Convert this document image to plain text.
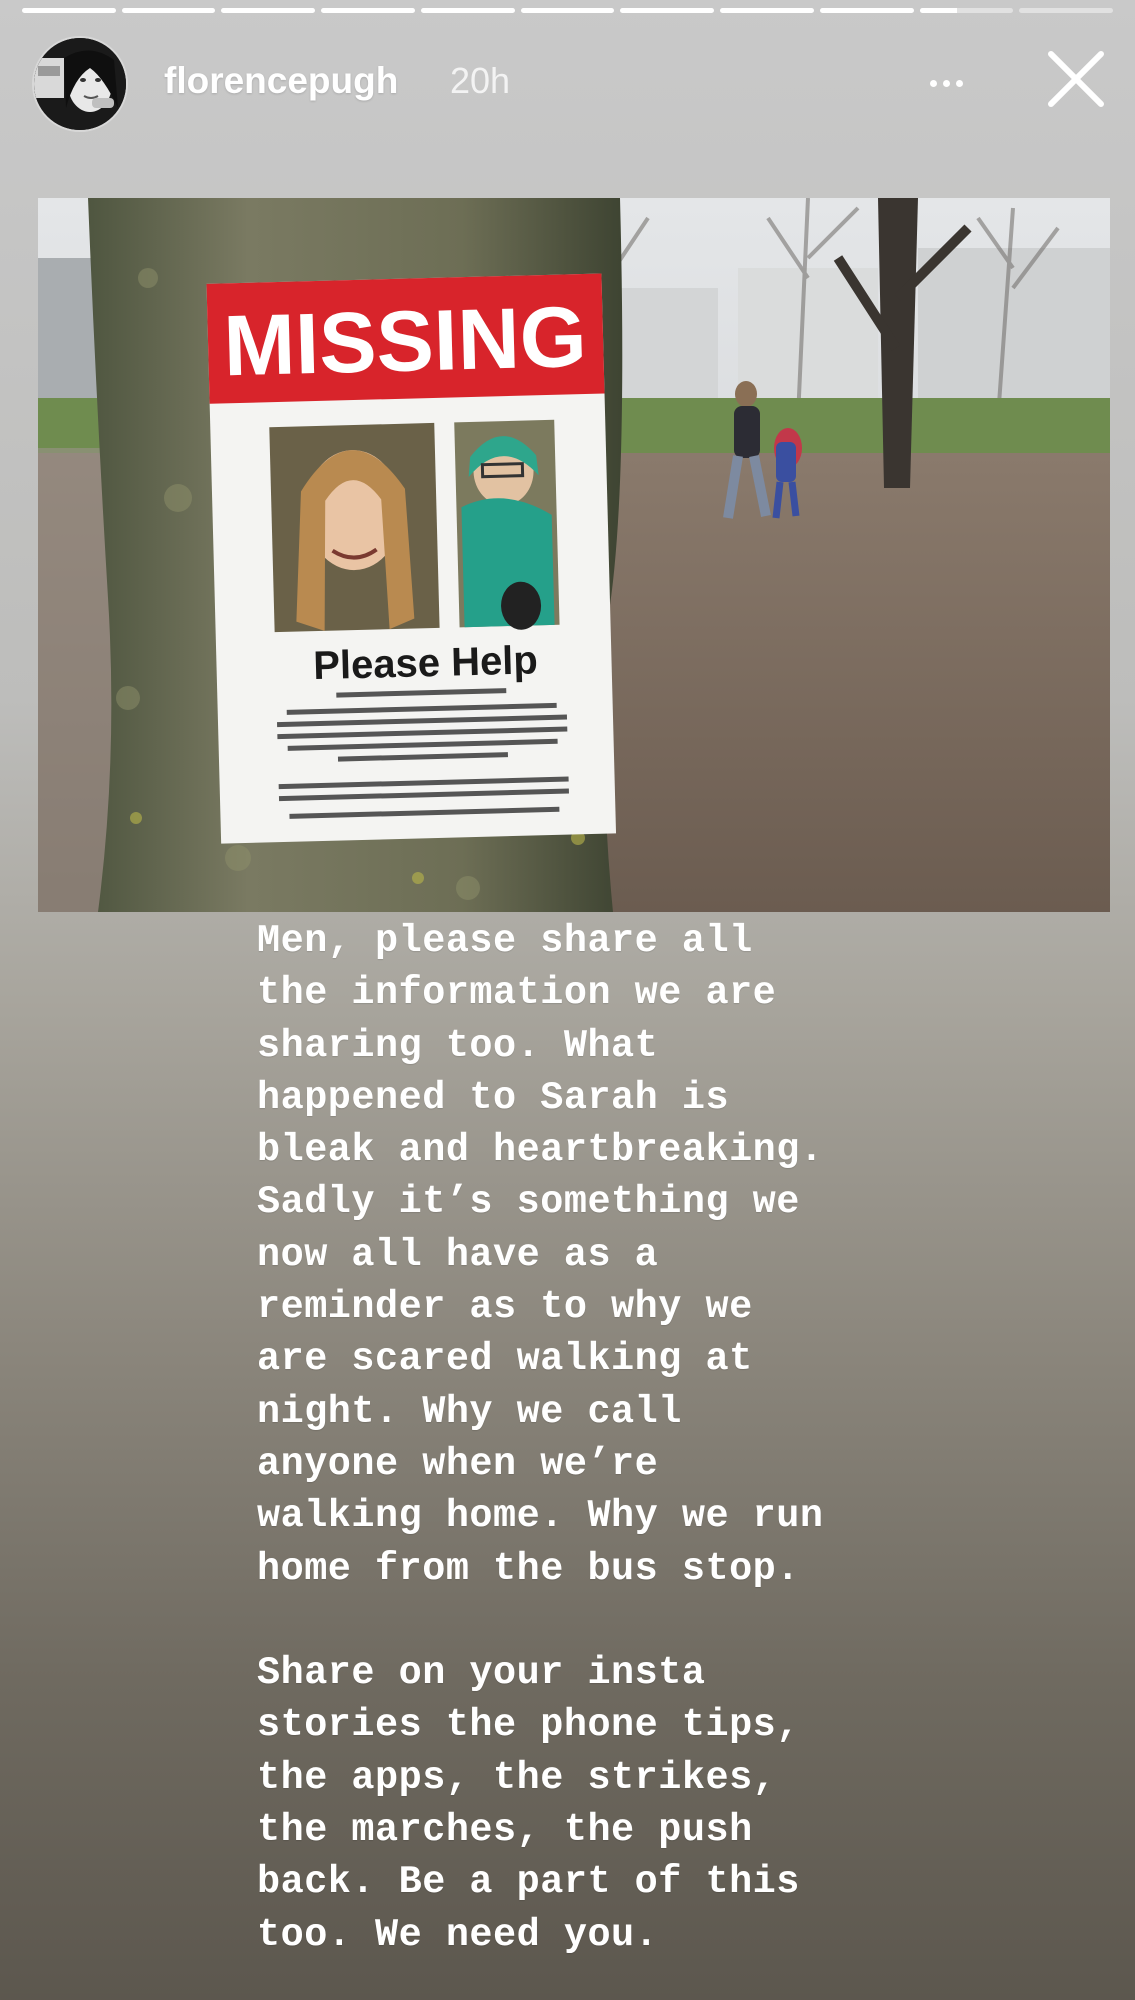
florencepugh 20h
MISSING
Please Help

Men, please share all
the information we are
sharing too. What
happened to Sarah is
bleak and heartbreaking.
Sadly it’s something we
now all have as a
reminder as to why we
are scared walking at
night. Why we call
anyone when we’re
walking home. Why we run
home from the bus stop.

Share on your insta
stories the phone tips,
the apps, the strikes,
the marches, the push
back. Be a part of this
too. We need you.
